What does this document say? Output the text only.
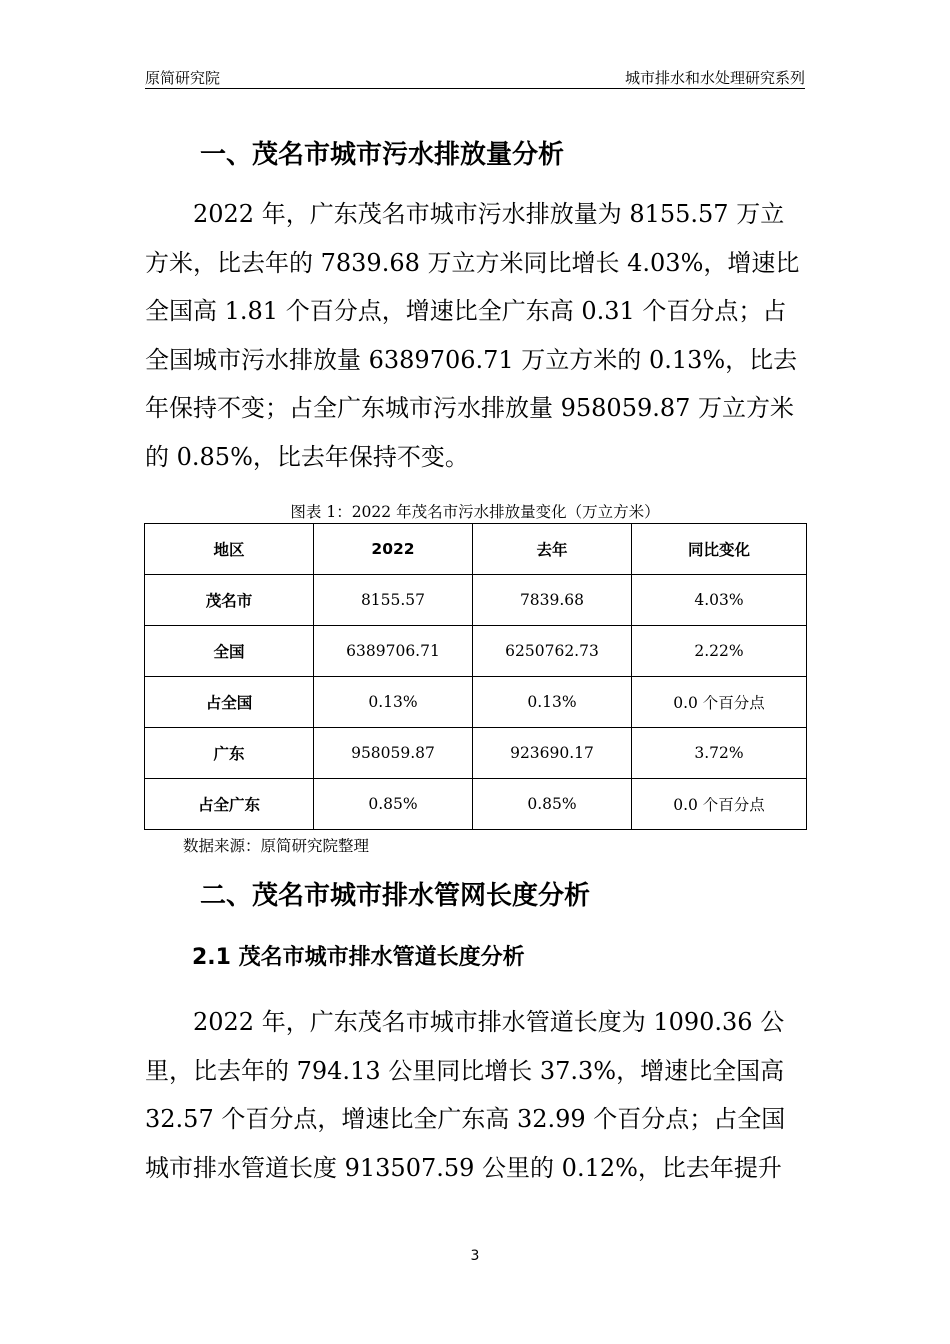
原简研究院	城市排水和水处理研究系列
一、茂名市城市污水排放量分析
　　2022 年，广东茂名市城市污水排放量为 8155.57 万立
方米，比去年的 7839.68 万立方米同比增长 4.03%，增速比
全国高 1.81 个百分点，增速比全广东高 0.31 个百分点；占
全国城市污水排放量 6389706.71 万立方米的 0.13%，比去
年保持不变；占全广东城市污水排放量 958059.87 万立方米
的 0.85%，比去年保持不变。
图表 1：2022 年茂名市污水排放量变化（万立方米）
地区	2022	去年	同比变化
茂名市	8155.57	7839.68	4.03%
全国	6389706.71	6250762.73	2.22%
占全国	0.13%	0.13%	0.0 个百分点
广东	958059.87	923690.17	3.72%
占全广东	0.85%	0.85%	0.0 个百分点
数据来源：原简研究院整理
二、茂名市城市排水管网长度分析
2.1 茂名市城市排水管道长度分析
　　2022 年，广东茂名市城市排水管道长度为 1090.36 公
里，比去年的 794.13 公里同比增长 37.3%，增速比全国高
32.57 个百分点，增速比全广东高 32.99 个百分点；占全国
城市排水管道长度 913507.59 公里的 0.12%，比去年提升
3
